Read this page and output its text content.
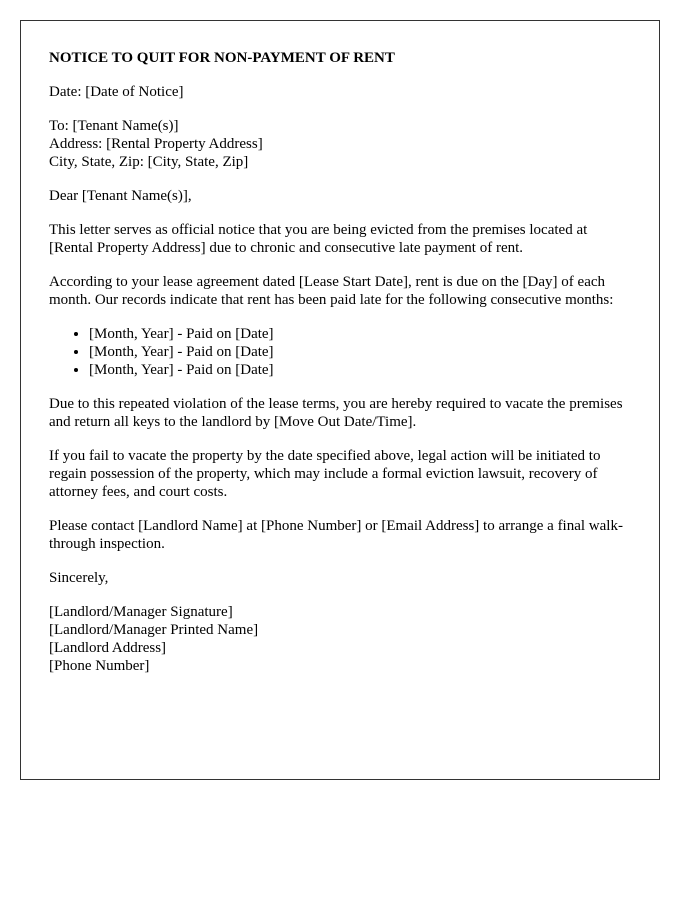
NOTICE TO QUIT FOR NON-PAYMENT OF RENT

Date: [Date of Notice]

To: [Tenant Name(s)]
Address: [Rental Property Address]
City, State, Zip: [City, State, Zip]

Dear [Tenant Name(s)],

This letter serves as official notice that you are being evicted from the premises located at [Rental Property Address] due to chronic and consecutive late payment of rent.

According to your lease agreement dated [Lease Start Date], rent is due on the [Day] of each month. Our records indicate that rent has been paid late for the following consecutive months:

• [Month, Year] - Paid on [Date]
• [Month, Year] - Paid on [Date]
• [Month, Year] - Paid on [Date]

Due to this repeated violation of the lease terms, you are hereby required to vacate the premises and return all keys to the landlord by [Move Out Date/Time].

If you fail to vacate the property by the date specified above, legal action will be initiated to regain possession of the property, which may include a formal eviction lawsuit, recovery of attorney fees, and court costs.

Please contact [Landlord Name] at [Phone Number] or [Email Address] to arrange a final walk-through inspection.

Sincerely,

[Landlord/Manager Signature]
[Landlord/Manager Printed Name]
[Landlord Address]
[Phone Number]
